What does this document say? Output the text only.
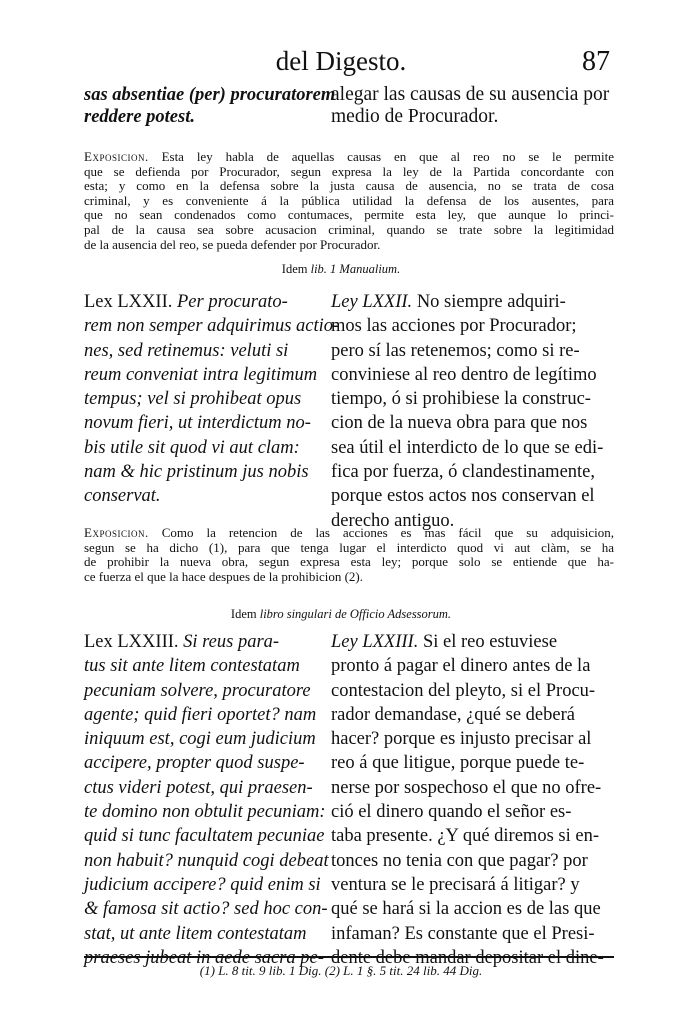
del Digesto.	87
sas absentiae (per) procuratorem
reddere potest.
alegar las causas de su ausencia por
medio de Procurador.
Exposicion. Esta ley habla de aquellas causas en que al reo no se le permite
que se defienda por Procurador, segun expresa la ley de la Partida concordante con
esta; y como en la defensa sobre la justa causa de ausencia, no se trata de cosa
criminal, y es conveniente á la pública utilidad la defensa de los ausentes, para
que no sean condenados como contumaces, permite esta ley, que aunque lo princi-
pal de la causa sea sobre acusacion criminal, quando se trate sobre la legitimidad
de la ausencia del reo, se pueda defender por Procurador.
Idem lib. 1 Manualium.
Lex LXXII. Per procurato-
rem non semper adquirimus actio-
nes, sed retinemus: veluti si
reum conveniat intra legitimum
tempus; vel si prohibeat opus
novum fieri, ut interdictum no-
bis utile sit quod vi aut clam:
nam & hic pristinum jus nobis
conservat.
Ley LXXII. No siempre adquiri-
mos las acciones por Procurador;
pero sí las retenemos; como si re-
conviniese al reo dentro de legítimo
tiempo, ó si prohibiese la construc-
cion de la nueva obra para que nos
sea útil el interdicto de lo que se edi-
fica por fuerza, ó clandestinamente,
porque estos actos nos conservan el
derecho antiguo.
Exposicion. Como la retencion de las acciones es mas fácil que su adquisicion,
segun se ha dicho (1), para que tenga lugar el interdicto quod vi aut clàm, se ha
de prohibir la nueva obra, segun expresa esta ley; porque solo se entiende que ha-
ce fuerza el que la hace despues de la prohibicion (2).
Idem libro singulari de Officio Adsessorum.
Lex LXXIII. Si reus para-
tus sit ante litem contestatam
pecuniam solvere, procuratore
agente; quid fieri oportet? nam
iniquum est, cogi eum judicium
accipere, propter quod suspe-
ctus videri potest, qui praesen-
te domino non obtulit pecuniam:
quid si tunc facultatem pecuniae
non habuit? nunquid cogi debeat
judicium accipere? quid enim si
& famosa sit actio? sed hoc con-
stat, ut ante litem contestatam
praeses jubeat in aede sacra pe-
Ley LXXIII. Si el reo estuviese
pronto á pagar el dinero antes de la
contestacion del pleyto, si el Procu-
rador demandase, ¿qué se deberá
hacer? porque es injusto precisar al
reo á que litigue, porque puede te-
nerse por sospechoso el que no ofre-
ció el dinero quando el señor es-
taba presente. ¿Y qué diremos si en-
tonces no tenia con que pagar? por
ventura se le precisará á litigar? y
qué se hará si la accion es de las que
infaman? Es constante que el Presi-
dente debe mandar depositar el dine-
(1) L. 8 tit. 9 lib. 1 Dig. (2) L. 1 §. 5 tit. 24 lib. 44 Dig.
